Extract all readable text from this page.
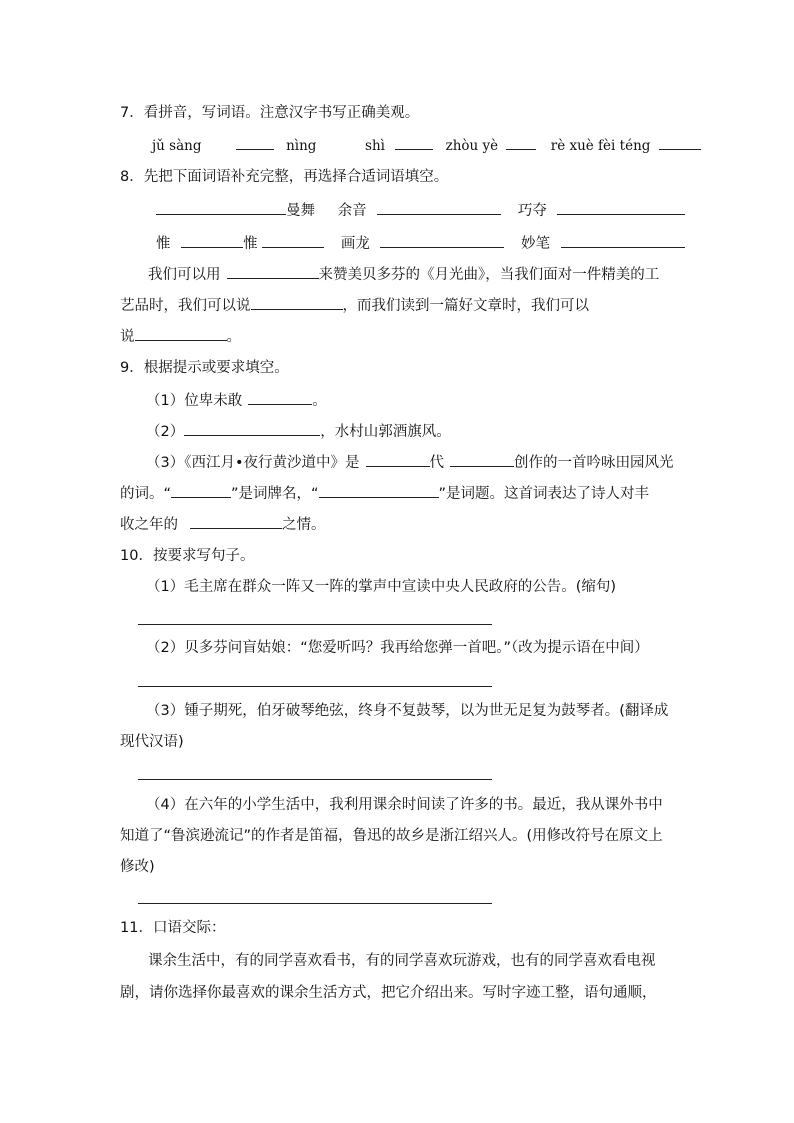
7．看拼音，写词语。注意汉字书写正确美观。
jǔ sàng	nìng	shì	zhòu yè	rè xuè fèi téng
8．先把下面词语补充完整，再选择合适词语填空。
曼舞 余音	巧夺
惟	惟	画龙	妙笔
我们可以用	来赞美贝多芬的《月光曲》，当我们面对一件精美的工
艺品时，我们可以说	，而我们读到一篇好文章时，我们可以
说	。
9．根据提示或要求填空。
（1）位卑未敢	。
（2）	，水村山郭酒旗风。
（3）《西江月•夜行黄沙道中》是	代	创作的一首吟咏田园风光
的词。“	”是词牌名，“	”是词题。这首词表达了诗人对丰
收之年的	之情。
10．按要求写句子。
（1）毛主席在群众一阵又一阵的掌声中宣读中央人民政府的公告。(缩句)
（2）贝多芬问盲姑娘：“您爱听吗？我再给您弹一首吧。”（改为提示语在中间）
（3）锺子期死，伯牙破琴绝弦，终身不复鼓琴，以为世无足复为鼓琴者。(翻译成
现代汉语)
（4）在六年的小学生活中，我利用课余时间读了许多的书。最近，我从课外书中
知道了“鲁滨逊流记”的作者是笛福，鲁迅的故乡是浙江绍兴人。(用修改符号在原文上
修改)
11．口语交际：
课余生活中，有的同学喜欢看书，有的同学喜欢玩游戏，也有的同学喜欢看电视
剧，请你选择你最喜欢的课余生活方式，把它介绍出来。写时字迹工整，语句通顺，
